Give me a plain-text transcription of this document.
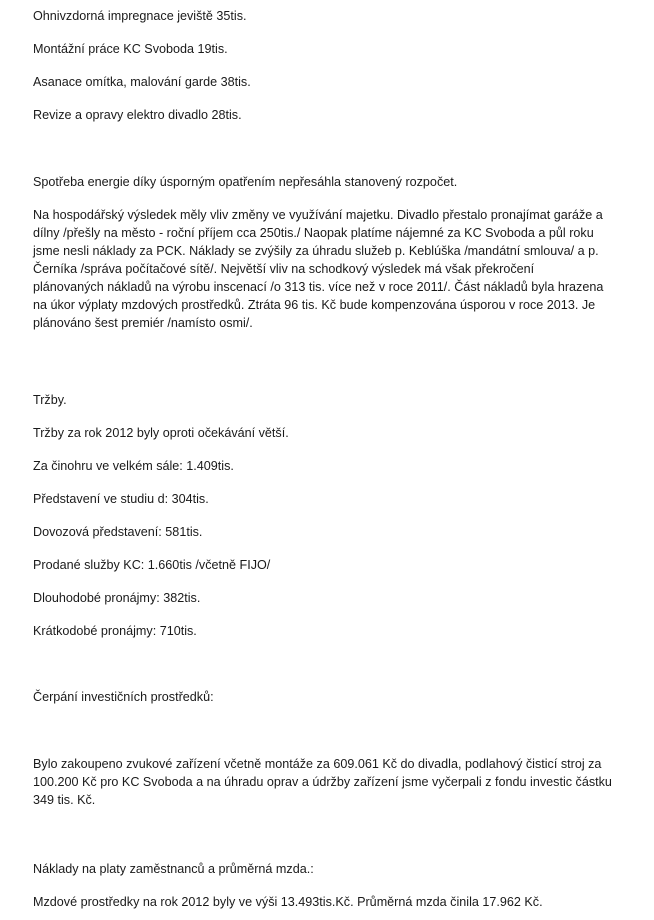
Ohnivzdorná impregnace jeviště 35tis.

Montážní práce KC Svoboda 19tis.

Asanace omítka, malování garde 38tis.

Revize a opravy elektro divadlo 28tis.

Spotřeba energie díky úsporným opatřením nepřesáhla stanovený rozpočet.

Na hospodářský výsledek měly vliv změny ve využívání majetku. Divadlo přestalo pronajímat garáže a
dílny /přešly na město - roční příjem cca 250tis./ Naopak platíme nájemné za KC Svoboda a půl roku
jsme nesli náklady za PCK. Náklady se zvýšily za úhradu služeb p. Keblúška /mandátní smlouva/ a p.
Černíka /správa počítačové sítě/. Největší vliv na schodkový výsledek má však překročení
plánovaných nákladů na výrobu inscenací /o 313 tis. více než v roce 2011/. Část nákladů byla hrazena
na úkor výplaty mzdových prostředků. Ztráta 96 tis. Kč bude kompenzována úsporou v roce 2013. Je
plánováno šest premiér /namísto osmi/.

Tržby.

Tržby za rok 2012 byly oproti očekávání větší.

Za činohru ve velkém sále: 1.409tis.

Představení ve studiu d: 304tis.

Dovozová představení: 581tis.

Prodané služby KC: 1.660tis /včetně FIJO/

Dlouhodobé pronájmy: 382tis.

Krátkodobé pronájmy: 710tis.

Čerpání investičních prostředků:

Bylo zakoupeno zvukové zařízení včetně montáže za 609.061 Kč do divadla, podlahový čisticí stroj za
100.200 Kč pro KC Svoboda a na úhradu oprav a údržby zařízení jsme vyčerpali z fondu investic částku
349 tis. Kč.

Náklady na platy zaměstnanců a průměrná mzda.:

Mzdové prostředky na rok 2012 byly ve výši 13.493tis.Kč. Průměrná mzda činila 17.962 Kč.
